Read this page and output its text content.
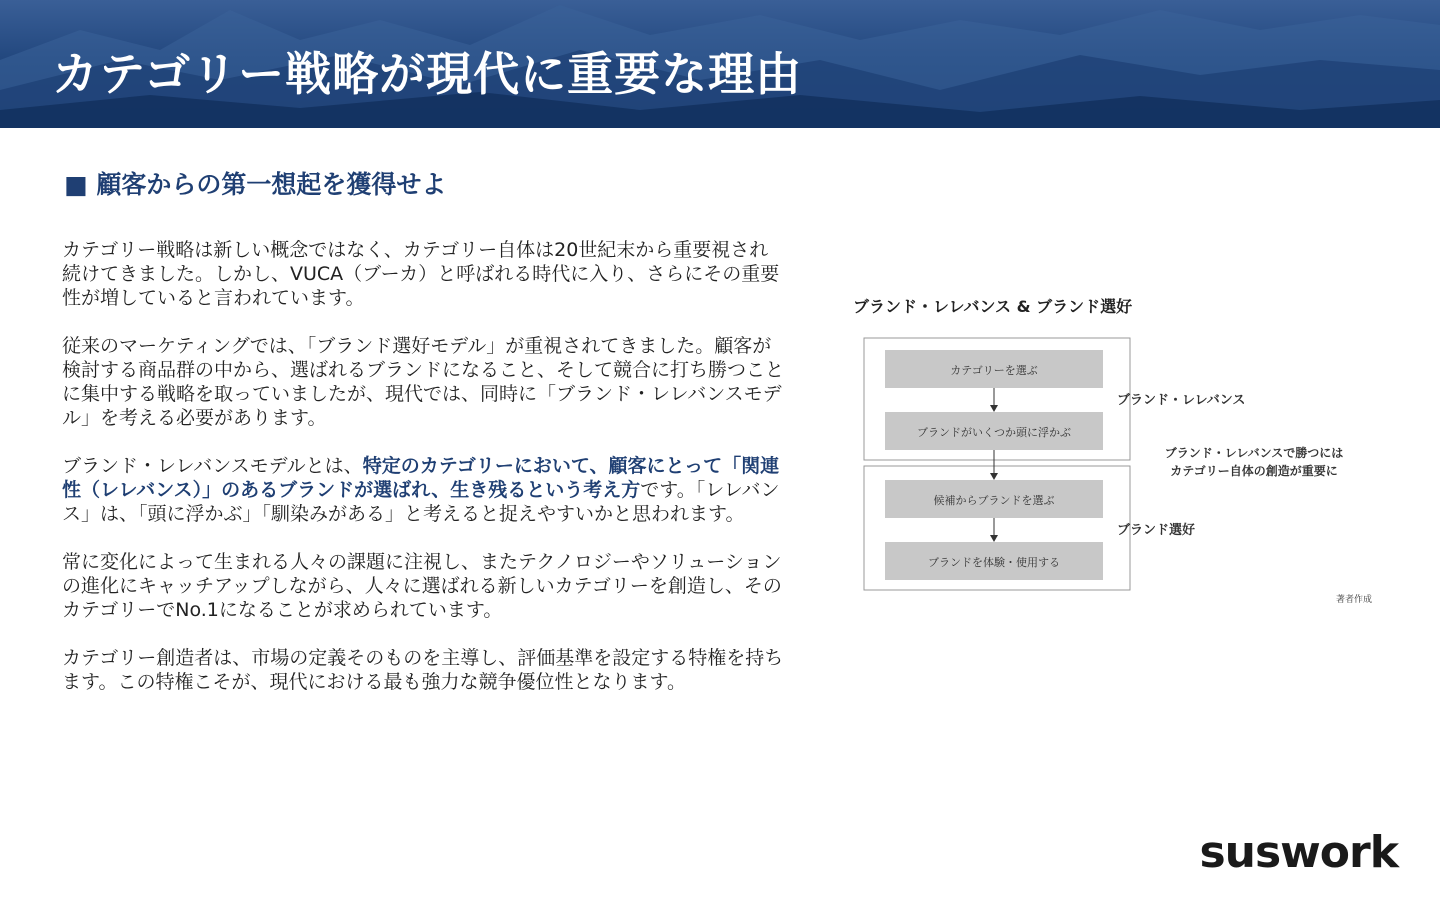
カテゴリー戦略が現代に重要な理由
■ 顧客からの第一想起を獲得せよ

カテゴリー戦略は新しい概念ではなく、カテゴリー自体は20世紀末から重要視され続けてきました。しかし、VUCA（ブーカ）と呼ばれる時代に入り、さらにその重要性が増していると言われています。

従来のマーケティングでは、「ブランド選好モデル」が重視されてきました。顧客が検討する商品群の中から、選ばれるブランドになること、そして競合に打ち勝つことに集中する戦略を取っていましたが、現代では、同時に「ブランド・レレバンスモデル」を考える必要があります。

ブランド・レレバンスモデルとは、特定のカテゴリーにおいて、顧客にとって「関連性（レレバンス）」のあるブランドが選ばれ、生き残るという考え方です。「レレバンス」は、「頭に浮かぶ」「馴染みがある」と考えると捉えやすいかと思われます。

常に変化によって生まれる人々の課題に注視し、またテクノロジーやソリューションの進化にキャッチアップしながら、人々に選ばれる新しいカテゴリーを創造し、そのカテゴリーでNo.1になることが求められています。

カテゴリー創造者は、市場の定義そのものを主導し、評価基準を設定する特権を持ちます。この特権こそが、現代における最も強力な競争優位性となります。

ブランド・レレバンス & ブランド選好
カテゴリーを選ぶ
ブランドがいくつか頭に浮かぶ
候補からブランドを選ぶ
ブランドを体験・使用する
ブランド・レレバンス
ブランド選好
ブランド・レレバンスで勝つには
カテゴリー自体の創造が重要に
著者作成
suswork
